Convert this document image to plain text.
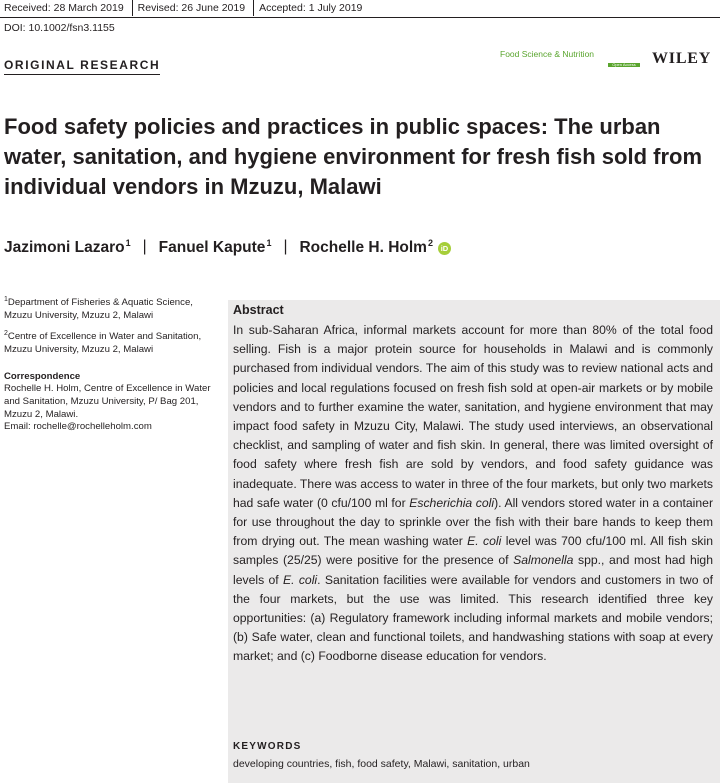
Received: 28 March 2019	Revised: 26 June 2019	Accepted: 1 July 2019
DOI: 10.1002/fsn3.1155
ORIGINAL RESEARCH
Food Science & Nutrition
Open Access WILEY
Food safety policies and practices in public spaces: The urban water, sanitation, and hygiene environment for fresh fish sold from individual vendors in Mzuzu, Malawi
Jazimoni Lazaro$^1$ | Fanuel Kapute$^1$ | Rochelle H. Holm$^2$
iD

$^1$Department of Fisheries & Aquatic Science, Mzuzu University, Mzuzu 2, Malawi

$^2$Centre of Excellence in Water and Sanitation, Mzuzu University, Mzuzu 2, Malawi

Correspondence
Rochelle H. Holm, Centre of Excellence in Water and Sanitation, Mzuzu University, P/ Bag 201, Mzuzu 2, Malawi.
Email: rochelle@rochelleholm.com

Abstract
In sub-Saharan Africa, informal markets account for more than 80% of the total food selling. Fish is a major protein source for households in Malawi and is commonly purchased from individual vendors. The aim of this study was to review national acts and policies and local regulations focused on fresh fish sold at open-air markets or by mobile vendors and to further examine the water, sanitation, and hygiene environment that may impact food safety in Mzuzu City, Malawi. The study used interviews, an observational checklist, and sampling of water and fish skin. In general, there was limited oversight of food safety where fresh fish are sold by vendors, and food safety guidance was inadequate. There was access to water in three of the four markets, but only two markets had safe water (0 cfu/100 ml for Escherichia coli). All vendors stored water in a container for use throughout the day to sprinkle over the fish with their bare hands to keep them from drying out. The mean washing water E. coli level was 700 cfu/100 ml. All fish skin samples (25/25) were positive for the presence of Salmonella spp., and most had high levels of E. coli. Sanitation facilities were available for vendors and customers in two of the four markets, but the use was limited. This research identified three key opportunities: (a) Regulatory framework including informal markets and mobile vendors; (b) Safe water, clean and functional toilets, and handwashing stations with soap at every market; and (c) Foodborne disease education for vendors.
KEYWORDS
developing countries, fish, food safety, Malawi, sanitation, urban
